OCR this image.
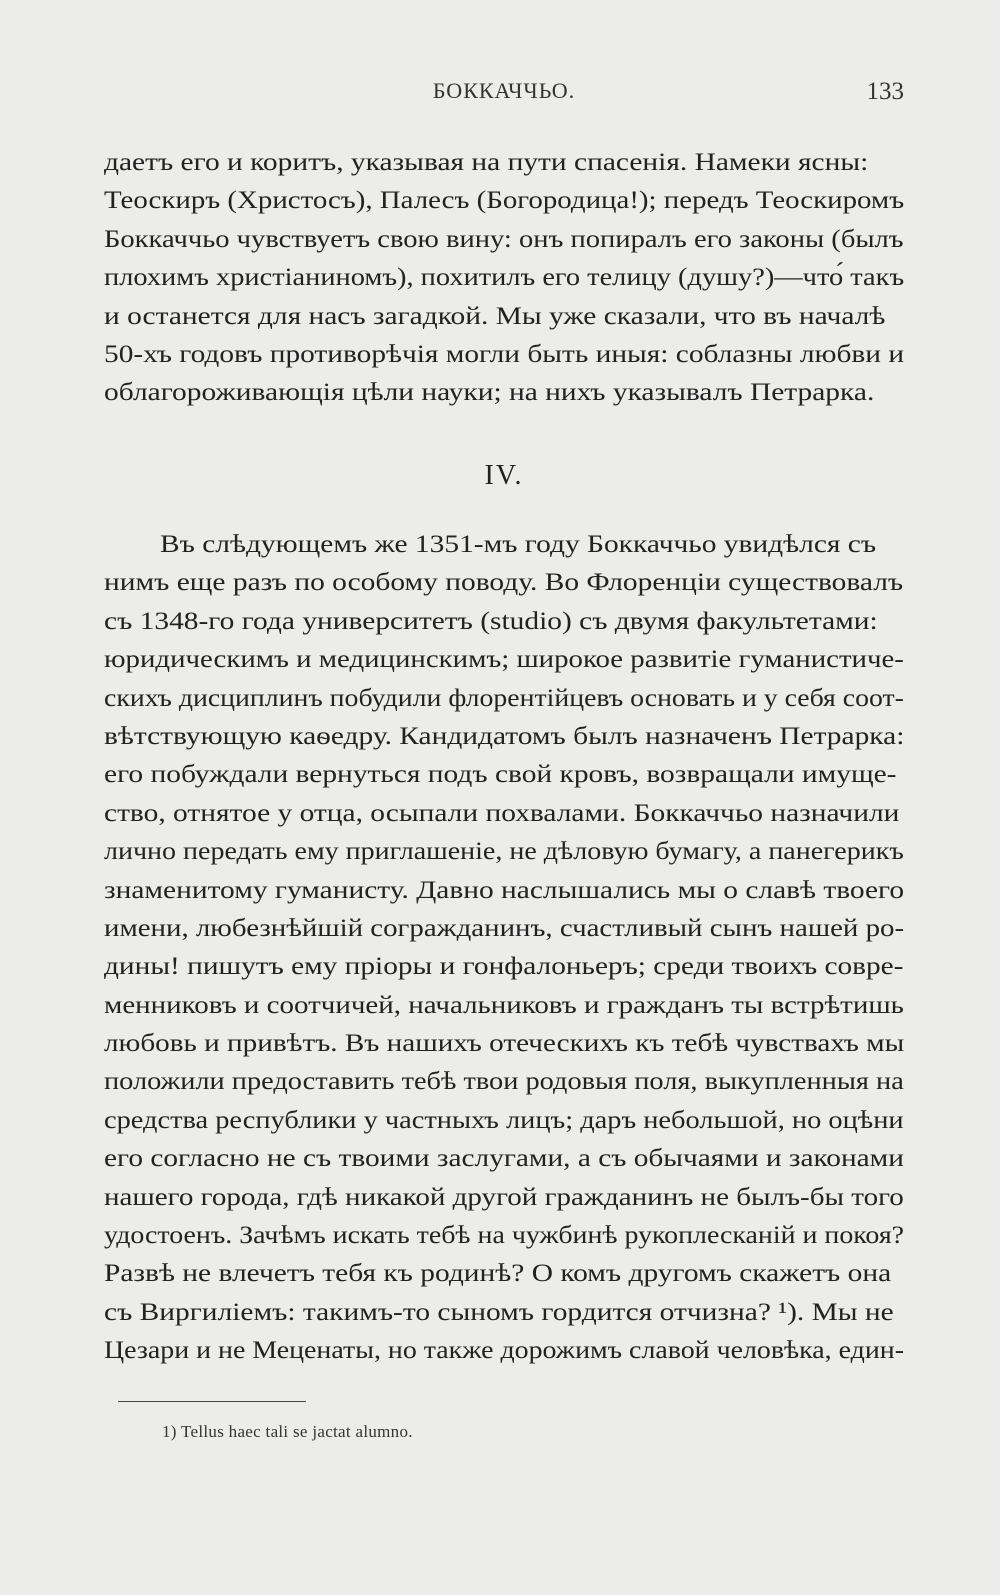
БОККАЧЧЬО.	133
даетъ его и коритъ, указывая на пути спасенія. Намеки ясны:
Теоскиръ (Христосъ), Палесъ (Богородица!); передъ Теоскиромъ
Боккаччьо чувствуетъ свою вину: онъ попиралъ его законы (былъ
плохимъ христіаниномъ), похитилъ его телицу (душу?)—что́ такъ
и останется для насъ загадкой. Мы уже сказали, что въ началѣ
50-хъ годовъ противорѣчія могли быть иныя: соблазны любви и
облагороживающія цѣли науки; на нихъ указывалъ Петрарка.
IV.
Въ слѣдующемъ же 1351-мъ году Боккаччьо увидѣлся съ
нимъ еще разъ по особому поводу. Во Флоренціи существовалъ
съ 1348-го года университетъ (studio) съ двумя факультетами:
юридическимъ и медицинскимъ; широкое развитіе гуманистиче-
скихъ дисциплинъ побудили флорентійцевъ основать и у себя соот-
вѣтствующую каѳедру. Кандидатомъ былъ назначенъ Петрарка:
его побуждали вернуться подъ свой кровъ, возвращали имуще-
ство, отнятое у отца, осыпали похвалами. Боккаччьо назначили
лично передать ему приглашеніе, не дѣловую бумагу, а панегерикъ
знаменитому гуманисту. Давно наслышались мы о славѣ твоего
имени, любезнѣйшій согражданинъ, счастливый сынъ нашей ро-
дины! пишутъ ему пріоры и гонфалоньеръ; среди твоихъ совре-
менниковъ и соотчичей, начальниковъ и гражданъ ты встрѣтишь
любовь и привѣтъ. Въ нашихъ отеческихъ къ тебѣ чувствахъ мы
положили предоставить тебѣ твои родовыя поля, выкупленныя на
средства республики у частныхъ лицъ; даръ небольшой, но оцѣни
его согласно не съ твоими заслугами, а съ обычаями и законами
нашего города, гдѣ никакой другой гражданинъ не былъ-бы того
удостоенъ. Зачѣмъ искать тебѣ на чужбинѣ рукоплесканій и покоя?
Развѣ не влечетъ тебя къ родинѣ? О комъ другомъ скажетъ она
съ Виргиліемъ: такимъ-то сыномъ гордится отчизна? ¹). Мы не
Цезари и не Меценаты, но также дорожимъ славой человѣка, един-
1) Tellus haec tali se jactat alumno.
